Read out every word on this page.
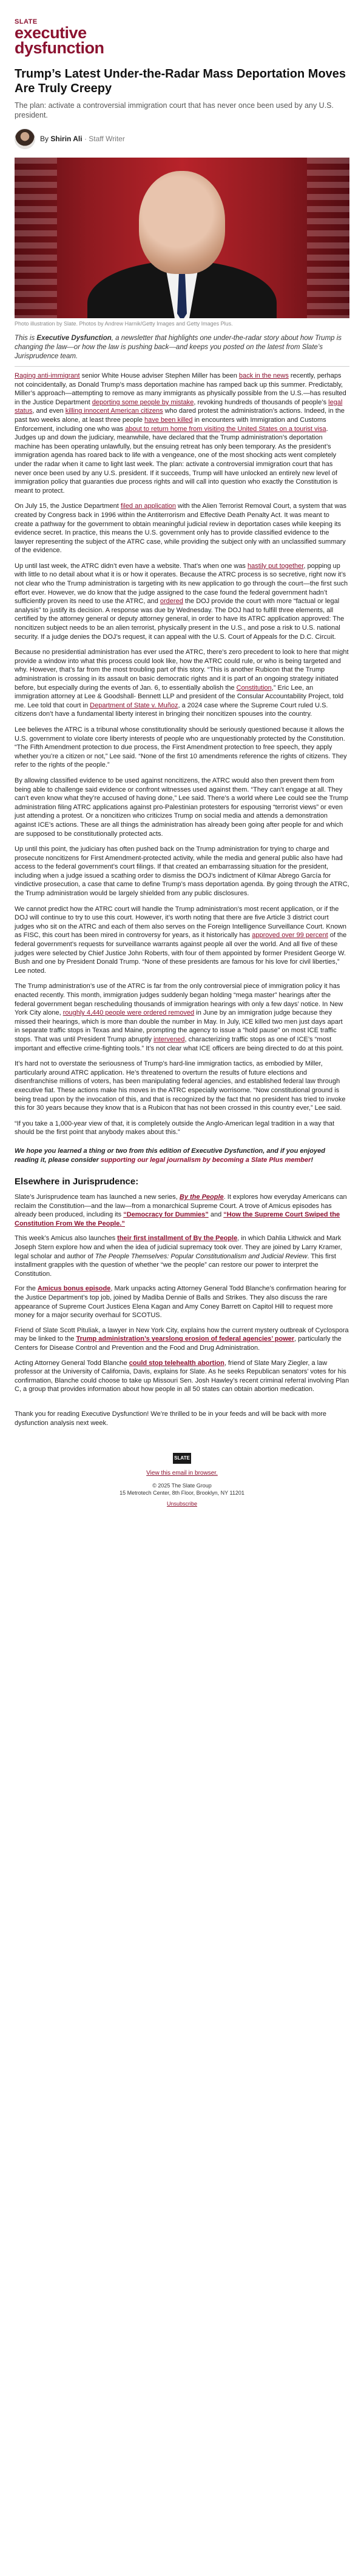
SLATE
executive
dysfunction
Trump’s Latest Under-the-Radar Mass Deportation Moves Are Truly Creepy

The plan: activate a controversial immigration court that has never once been used by any U.S. president.

By Shirin Ali · Staff Writer

Photo illustration by Slate. Photos by Andrew Harnik/Getty Images and Getty Images Plus.

This is Executive Dysfunction, a newsletter that highlights one under-the-radar story about how Trump is changing the law—or how the law is pushing back—and keeps you posted on the latest from Slate’s Jurisprudence team.

Raging anti-immigrant senior White House adviser Stephen Miller has been back in the news recently, perhaps not coincidentally, as Donald Trump’s mass deportation machine has ramped back up this summer. Predictably, Miller’s approach—attempting to remove as many immigrants as physically possible from the U.S.—has resulted in the Justice Department deporting some people by mistake, revoking hundreds of thousands of people’s legal status, and even killing innocent American citizens who dared protest the administration’s actions. Indeed, in the past two weeks alone, at least three people have been killed in encounters with Immigration and Customs Enforcement, including one who was about to return home from visiting the United States on a tourist visa. Judges up and down the judiciary, meanwhile, have declared that the Trump administration’s deportation machine has been operating unlawfully, but the ensuing retreat has only been temporary. As the president’s immigration agenda has roared back to life with a vengeance, one of the most shocking acts went completely under the radar when it came to light last week. The plan: activate a controversial immigration court that has never once been used by any U.S. president. If it succeeds, Trump will have unlocked an entirely new level of immigration policy that guaranties due process rights and will call into question who exactly the Constitution is meant to protect.

On July 15, the Justice Department filed an application with the Alien Terrorist Removal Court, a system that was created by Congress back in 1996 within the Antiterrorism and Effective Death Penalty Act. It was meant to create a pathway for the government to obtain meaningful judicial review in deportation cases while keeping its evidence secret. In practice, this means the U.S. government only has to provide classified evidence to the lawyer representing the subject of the ATRC case, while providing the subject only with an unclassified summary of the evidence.

Up until last week, the ATRC didn’t even have a website. That’s when one was hastily put together, popping up with little to no detail about what it is or how it operates. Because the ATRC process is so secretive, right now it’s not clear who the Trump administration is targeting with its new application to go through the court—the first such effort ever. However, we do know that the judge assigned to the case found the federal government hadn’t sufficiently proven its need to use the ATRC, and ordered the DOJ provide the court with more “factual or legal analysis” to justify its decision. A response was due by Wednesday. The DOJ had to fulfill three elements, all certified by the attorney general or deputy attorney general, in order to have its ATRC application approved: The noncitizen subject needs to be an alien terrorist, physically present in the U.S., and pose a risk to U.S. national security. If a judge denies the DOJ’s request, it can appeal with the U.S. Court of Appeals for the D.C. Circuit.

Because no presidential administration has ever used the ATRC, there’s zero precedent to look to here that might provide a window into what this process could look like, how the ATRC could rule, or who is being targeted and why. However, that’s far from the most troubling part of this story. “This is another Rubicon that the Trump administration is crossing in its assault on basic democratic rights and it is part of an ongoing strategy initiated before, but especially during the events of Jan. 6, to essentially abolish the Constitution,” Eric Lee, an immigration attorney at Lee & Goodshall- Bennett LLP and president of the Consular Accountability Project, told me. Lee told that court in Department of State v. Muñoz, a 2024 case where the Supreme Court ruled U.S. citizens don’t have a fundamental liberty interest in bringing their noncitizen spouses into the country.

Lee believes the ATRC is a tribunal whose constitutionality should be seriously questioned because it allows the U.S. government to violate core liberty interests of people who are unquestionably protected by the Constitution. “The Fifth Amendment protection to due process, the First Amendment protection to free speech, they apply whether you’re a citizen or not,” Lee said. “None of the first 10 amendments reference the rights of citizens. They refer to the rights of the people.”

By allowing classified evidence to be used against noncitizens, the ATRC would also then prevent them from being able to challenge said evidence or confront witnesses used against them. “They can’t engage at all. They can’t even know what they’re accused of having done,” Lee said. There’s a world where Lee could see the Trump administration filing ATRC applications against pro-Palestinian protesters for espousing “terrorist views” or even just attending a protest. Or a noncitizen who criticizes Trump on social media and attends a demonstration against ICE’s actions. These are all things the administration has already been going after people for and which are supposed to be constitutionally protected acts.

Up until this point, the judiciary has often pushed back on the Trump administration for trying to charge and prosecute noncitizens for First Amendment-protected activity, while the media and general public also have had access to the federal government’s court filings. If that created an embarrassing situation for the president, including when a judge issued a scathing order to dismiss the DOJ’s indictment of Kilmar Abrego García for vindictive prosecution, a case that came to define Trump’s mass deportation agenda. By going through the ATRC, the Trump administration would be largely shielded from any public disclosures.

We cannot predict how the ATRC court will handle the Trump administration’s most recent application, or if the DOJ will continue to try to use this court. However, it’s worth noting that there are five Article 3 district court judges who sit on the ATRC and each of them also serves on the Foreign Intelligence Surveillance Court. Known as FISC, this court has been mired in controversy for years, as it historically has approved over 99 percent of the federal government’s requests for surveillance warrants against people all over the world. And all five of these judges were selected by Chief Justice John Roberts, with four of them appointed by former President George W. Bush and one by President Donald Trump. “None of these presidents are famous for his love for civil liberties,” Lee noted.

The Trump administration’s use of the ATRC is far from the only controversial piece of immigration policy it has enacted recently. This month, immigration judges suddenly began holding “mega master” hearings after the federal government began rescheduling thousands of immigration hearings with only a few days’ notice. In New York City alone, roughly 4,440 people were ordered removed in June by an immigration judge because they missed their hearings, which is more than double the number in May. In July, ICE killed two men just days apart in separate traffic stops in Texas and Maine, prompting the agency to issue a “hold pause” on most ICE traffic stops. That was until President Trump abruptly intervened, characterizing traffic stops as one of ICE’s “most important and effective crime-fighting tools.” It’s not clear what ICE officers are being directed to do at this point.

It’s hard not to overstate the seriousness of Trump’s hard-line immigration tactics, as embodied by Miller, particularly around ATRC application. He’s threatened to overturn the results of future elections and disenfranchise millions of voters, has been manipulating federal agencies, and established federal law through executive fiat. These actions make his moves in the ATRC especially worrisome. “Now constitutional ground is being tread upon by the invocation of this, and that is recognized by the fact that no president has tried to invoke this for 30 years because they know that is a Rubicon that has not been crossed in this country ever,” Lee said.

“If you take a 1,000-year view of that, it is completely outside the Anglo-American legal tradition in a way that should be the first point that anybody makes about this.”

We hope you learned a thing or two from this edition of Executive Dysfunction, and if you enjoyed reading it, please consider supporting our legal journalism by becoming a Slate Plus member!

Elsewhere in Jurisprudence:

Slate’s Jurisprudence team has launched a new series, By the People. It explores how everyday Americans can reclaim the Constitution—and the law—from a monarchical Supreme Court. A trove of Amicus episodes has already been produced, including its “Democracy for Dummies” and “How the Supreme Court Swiped the Constitution From We the People.”

This week’s Amicus also launches their first installment of By the People, in which Dahlia Lithwick and Mark Joseph Stern explore how and when the idea of judicial supremacy took over. They are joined by Larry Kramer, legal scholar and author of The People Themselves: Popular Constitutionalism and Judicial Review. This first installment grapples with the question of whether “we the people” can restore our power to interpret the Constitution.

For the Amicus bonus episode, Mark unpacks acting Attorney General Todd Blanche’s confirmation hearing for the Justice Department’s top job, joined by Madiba Dennie of Balls and Strikes. They also discuss the rare appearance of Supreme Court Justices Elena Kagan and Amy Coney Barrett on Capitol Hill to request more money for a major security overhaul for SCOTUS.

Friend of Slate Scott Pituliak, a lawyer in New York City, explains how the current mystery outbreak of Cyclospora may be linked to the Trump administration’s yearslong erosion of federal agencies’ power, particularly the Centers for Disease Control and Prevention and the Food and Drug Administration.

Acting Attorney General Todd Blanche could stop telehealth abortion, friend of Slate Mary Ziegler, a law professor at the University of California, Davis, explains for Slate. As he seeks Republican senators’ votes for his confirmation, Blanche could choose to take up Missouri Sen. Josh Hawley’s recent criminal referral involving Plan C, a group that provides information about how people in all 50 states can obtain abortion medication.

Thank you for reading Executive Dysfunction! We’re thrilled to be in your feeds and will be back with more dysfunction analysis next week.

SLATE
View this email in browser.
© 2025 The Slate Group
15 Metrotech Center, 8th Floor, Brooklyn, NY 11201
Unsubscribe
